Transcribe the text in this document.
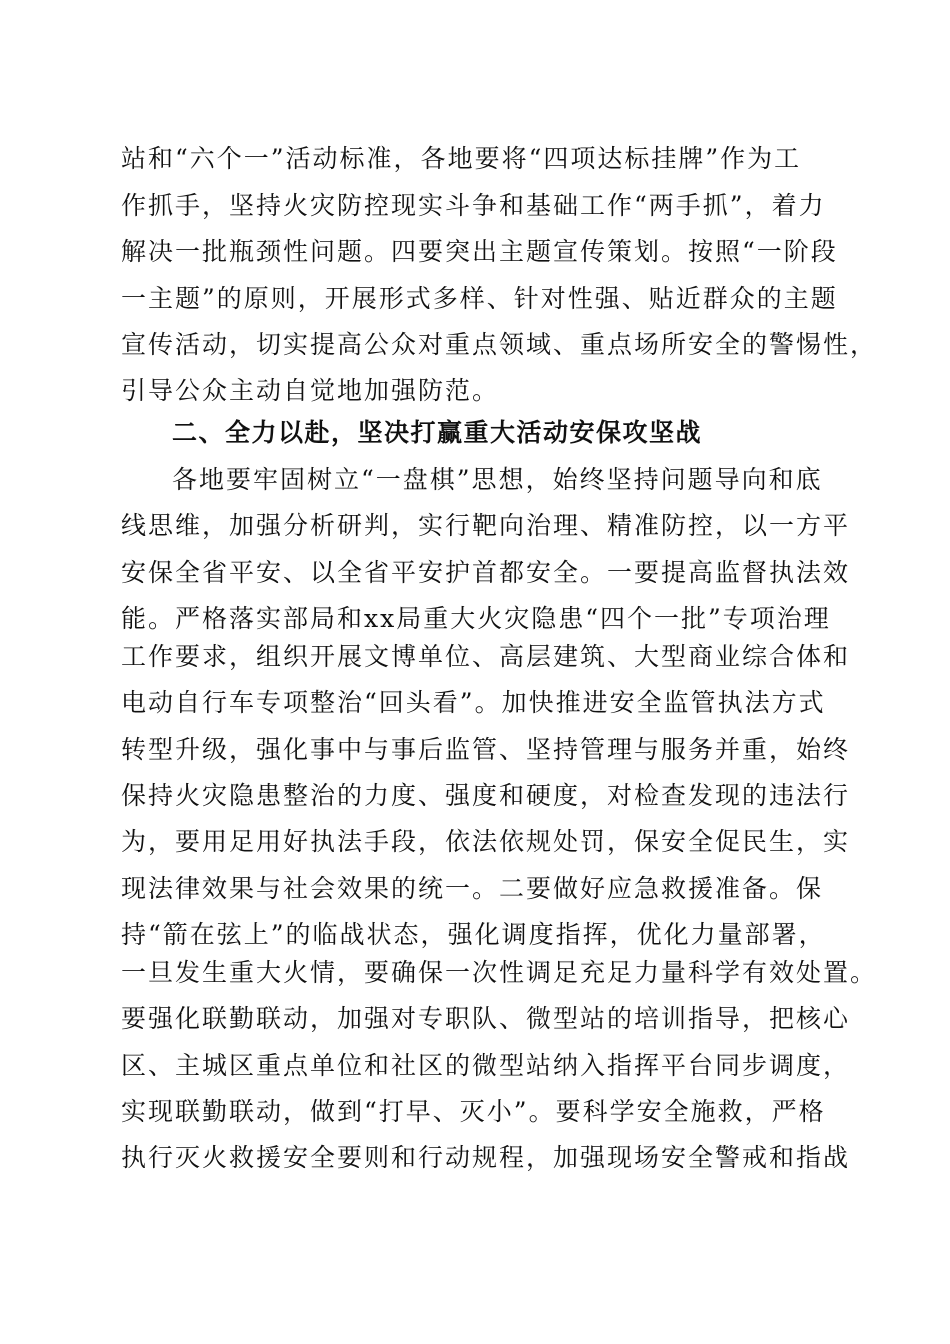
站和“六个一”活动标准，各地要将“四项达标挂牌”作为工
作抓手，坚持火灾防控现实斗争和基础工作“两手抓”，着力
解决一批瓶颈性问题。四要突出主题宣传策划。按照“一阶段
一主题”的原则，开展形式多样、针对性强、贴近群众的主题
宣传活动，切实提高公众对重点领域、重点场所安全的警惕性，
引导公众主动自觉地加强防范。
二、全力以赴，坚决打赢重大活动安保攻坚战
各地要牢固树立“一盘棋”思想，始终坚持问题导向和底
线思维，加强分析研判，实行靶向治理、精准防控，以一方平
安保全省平安、以全省平安护首都安全。一要提高监督执法效
能。严格落实部局和xx局重大火灾隐患“四个一批”专项治理
工作要求，组织开展文博单位、高层建筑、大型商业综合体和
电动自行车专项整治“回头看”。加快推进安全监管执法方式
转型升级，强化事中与事后监管、坚持管理与服务并重，始终
保持火灾隐患整治的力度、强度和硬度，对检查发现的违法行
为，要用足用好执法手段，依法依规处罚，保安全促民生，实
现法律效果与社会效果的统一。二要做好应急救援准备。保
持“箭在弦上”的临战状态，强化调度指挥，优化力量部署，
一旦发生重大火情，要确保一次性调足充足力量科学有效处置。
要强化联勤联动，加强对专职队、微型站的培训指导，把核心
区、主城区重点单位和社区的微型站纳入指挥平台同步调度，
实现联勤联动，做到“打早、灭小”。要科学安全施救，严格
执行灭火救援安全要则和行动规程，加强现场安全警戒和指战
